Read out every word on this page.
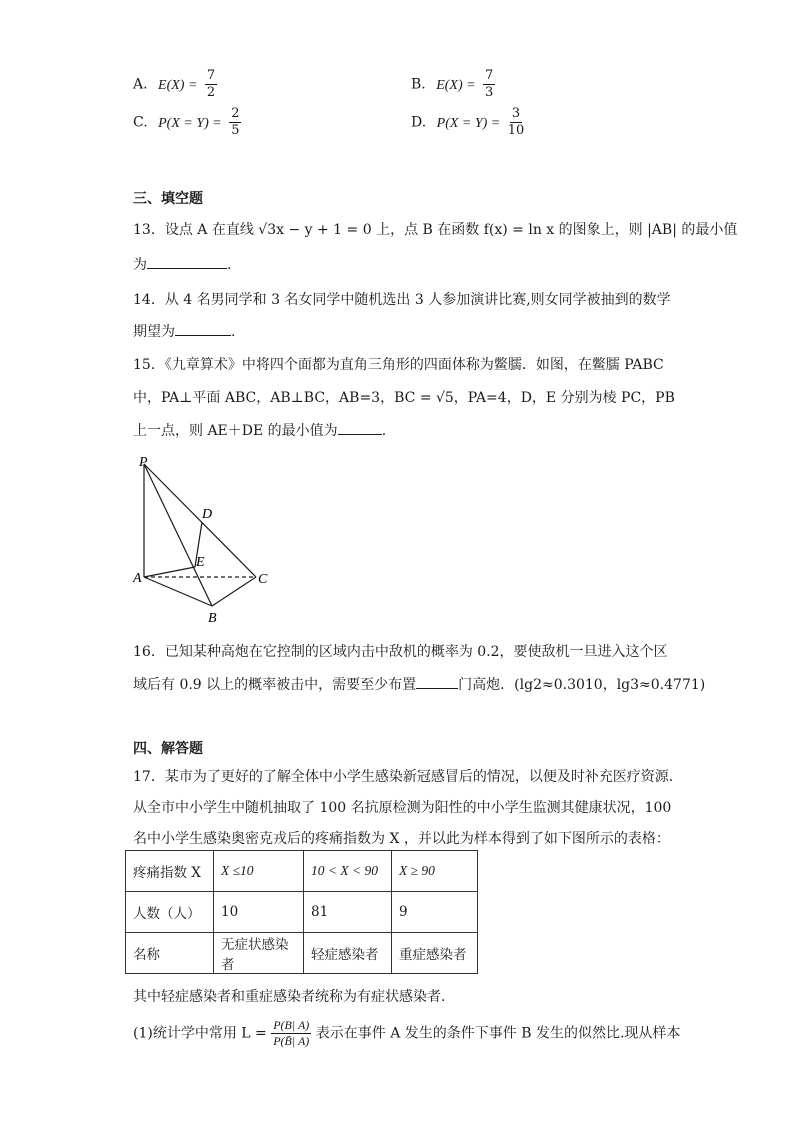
A. $E(X) = \frac{7}{2}$	B. $E(X) = \frac{7}{3}$
C. $P(X = Y) = \frac{2}{5}$	D. $P(X = Y) = \frac{3}{10}$
三、填空题
13．设点 A 在直线 √3x − y + 1 = 0 上，点 B 在函数 f(x) = ln x 的图象上，则 |AB| 的最小值
为	.
14．从 4 名男同学和 3 名女同学中随机选出 3 人参加演讲比赛,则女同学被抽到的数学
期望为	.
15．《九章算术》中将四个面都为直角三角形的四面体称为鳖臑．如图，在鳖臑 PABC
中，PA⊥平面 ABC，AB⊥BC，AB=3，BC = √5，PA=4，D，E 分别为棱 PC，PB
上一点，则 AE＋DE 的最小值为	.
P
D
E
A	C
B
16．已知某种高炮在它控制的区域内击中敌机的概率为 0.2，要使敌机一旦进入这个区
域后有 0.9 以上的概率被击中，需要至少布置	门高炮．(lg2≈0.3010，lg3≈0.4771)
四、解答题
17．某市为了更好的了解全体中小学生感染新冠感冒后的情况，以便及时补充医疗资源.
从全市中小学生中随机抽取了 100 名抗原检测为阳性的中小学生监测其健康状况，100
名中小学生感染奥密克戎后的疼痛指数为 X ，并以此为样本得到了如下图所示的表格：
疼痛指数 X	X ≤10	10 < X < 90	X ≥ 90
人数（人）	10	81	9
名称	无症状感染者	轻症感染者	重症感染者
其中轻症感染者和重症感染者统称为有症状感染者.
(1)统计学中常用 $L = \frac{P(B| A)}{P(B̄| A)}$ 表示在事件 A 发生的条件下事件 B 发生的似然比.现从样本
